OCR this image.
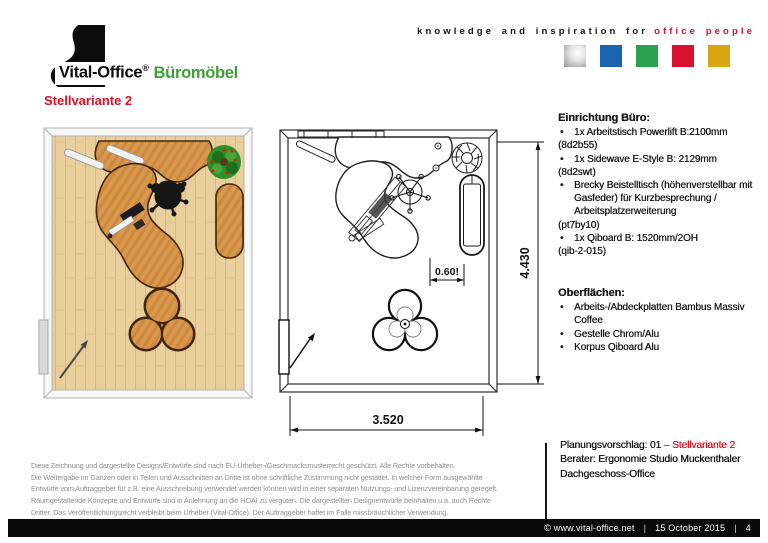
Vital-Office® Büromöbel
Stellvariante 2
knowledge and inspiration for office people
0.60!
3.520
4.430
Einrichtung Büro:
•	1x Arbeitstisch Powerlift B:2100mm
(8d2b55)
•	1x Sidewave E-Style B: 2129mm
(8d2swt)
•	Brecky Beistelltisch (höhenverstellbar mit Gasfeder) für Kurzbesprechung / Arbeitsplatzerweiterung
(pt7by10)
•	1x Qiboard B: 1520mm/2OH
(qib-2-015)
Oberflächen:
•	Arbeits-/Abdeckplatten Bambus Massiv Coffee
•	Gestelle Chrom/Alu
•	Korpus Qiboard Alu
Planungsvorschlag: 01 – Stellvariante 2
Berater: Ergonomie Studio Muckenthaler
Dachgeschoss-Office
Diese Zeichnung und dargestellte Designs/Entwürfe sind nach EU-Urheber-/Geschmacksmusterrecht geschützt. Alle Rechte vorbehalten.
Die Weitergabe im Ganzen oder in Teilen und Ausschnitten an Dritte ist ohne schriftliche Zustimmung nicht gestattet. In welcher Form ausgewählte
Entwürfe vom Auftraggeber für z.B. eine Ausschreibung verwendet werden können wird in einer separaten Nutzungs- und Lizenzvereinbarung geregelt.
Raumgestaltende Konzepte und Entwürfe sind in Anlehnung an die HOAI zu vergüten. Die dargestellten Designentwürfe beinhalten u.a. auch Rechte
Dritter. Das Veröffentlichungsrecht verbleibt beim Urheber (Vital-Office). Der Auftraggeber haftet im Falle missbräuchlicher Verwendung.
© www.vital-office.net | 15 October 2015 | 4
